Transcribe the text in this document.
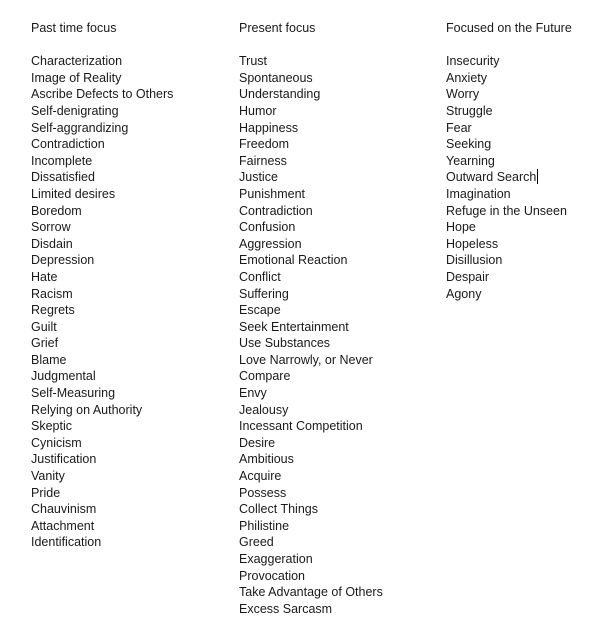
Past time focus
Characterization
Image of Reality
Ascribe Defects to Others
Self-denigrating
Self-aggrandizing
Contradiction
Incomplete
Dissatisfied
Limited desires
Boredom
Sorrow
Disdain
Depression
Hate
Racism
Regrets
Guilt
Grief
Blame
Judgmental
Self-Measuring
Relying on Authority
Skeptic
Cynicism
Justification
Vanity
Pride
Chauvinism
Attachment
Identification
Present focus
Trust
Spontaneous
Understanding
Humor
Happiness
Freedom
Fairness
Justice
Punishment
Contradiction
Confusion
Aggression
Emotional Reaction
Conflict
Suffering
Escape
Seek Entertainment
Use Substances
Love Narrowly, or Never
Compare
Envy
Jealousy
Incessant Competition
Desire
Ambitious
Acquire
Possess
Collect Things
Philistine
Greed
Exaggeration
Provocation
Take Advantage of Others
Excess Sarcasm
Focused on the Future
Insecurity
Anxiety
Worry
Struggle
Fear
Seeking
Yearning
Outward Search
Imagination
Refuge in the Unseen
Hope
Hopeless
Disillusion
Despair
Agony
